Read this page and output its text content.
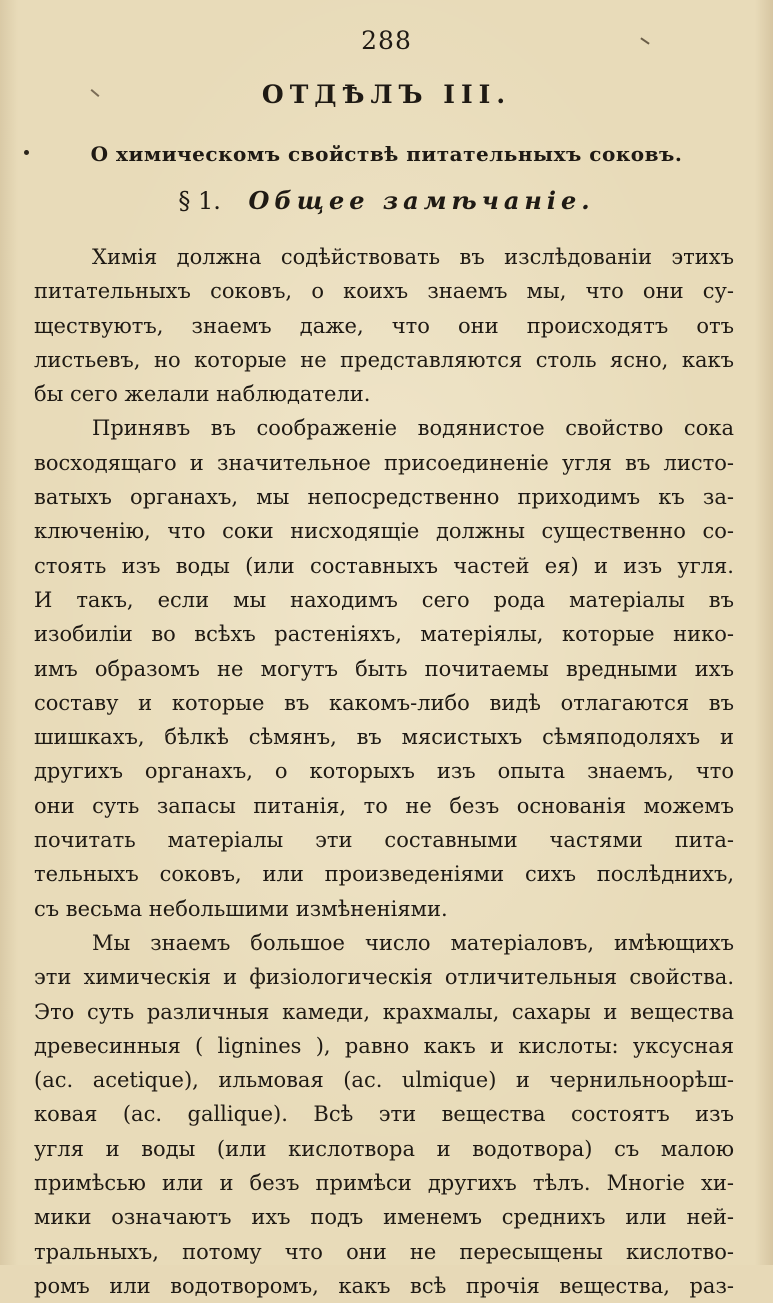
288
ОТДѢЛЪ III.
О химическомъ свойствѣ питательныхъ соковъ.
§ 1. Общее замѣчаніе.
Химія должна содѣйствовать въ изслѣдованіи этихъ
питательныхъ соковъ, о коихъ знаемъ мы, что они су-
ществуютъ, знаемъ даже, что они происходятъ отъ
листьевъ, но которые не представляются столь ясно, какъ
бы сего желали наблюдатели.
Принявъ въ соображеніе водянистое свойство сока
восходящаго и значительное присоединеніе угля въ листо-
ватыхъ органахъ, мы непосредственно приходимъ къ за-
ключенію, что соки нисходящіе должны существенно со-
стоять изъ воды (или составныхъ частей ея) и изъ угля.
И такъ, если мы находимъ сего рода матеріалы въ
изобиліи во всѣхъ растеніяхъ, матеріялы, которые нико-
имъ образомъ не могутъ быть почитаемы вредными ихъ
составу и которые въ какомъ-либо видѣ отлагаются въ
шишкахъ, бѣлкѣ сѣмянъ, въ мясистыхъ сѣмяподоляхъ и
другихъ органахъ, о которыхъ изъ опыта знаемъ, что
они суть запасы питанія, то не безъ основанія можемъ
почитать матеріалы эти составными частями пита-
тельныхъ соковъ, или произведеніями сихъ послѣднихъ,
съ весьма небольшими измѣненіями.
Мы знаемъ большое число матеріаловъ, имѣющихъ
эти химическія и физіологическія отличительныя свойства.
Это суть различныя камеди, крахмалы, сахары и вещества
древесинныя ( lignines ), равно какъ и кислоты: уксусная
(ac. acetique), ильмовая (ac. ulmique) и чернильноорѣш-
ковая (ac. gallique). Всѣ эти вещества состоятъ изъ
угля и воды (или кислотвора и водотвора) съ малою
примѣсью или и безъ примѣси другихъ тѣлъ. Многіе хи-
мики означаютъ ихъ подъ именемъ среднихъ или ней-
тральныхъ, потому что они не пересыщены кислотво-
ромъ или водотворомъ, какъ всѣ прочія вещества, раз-
